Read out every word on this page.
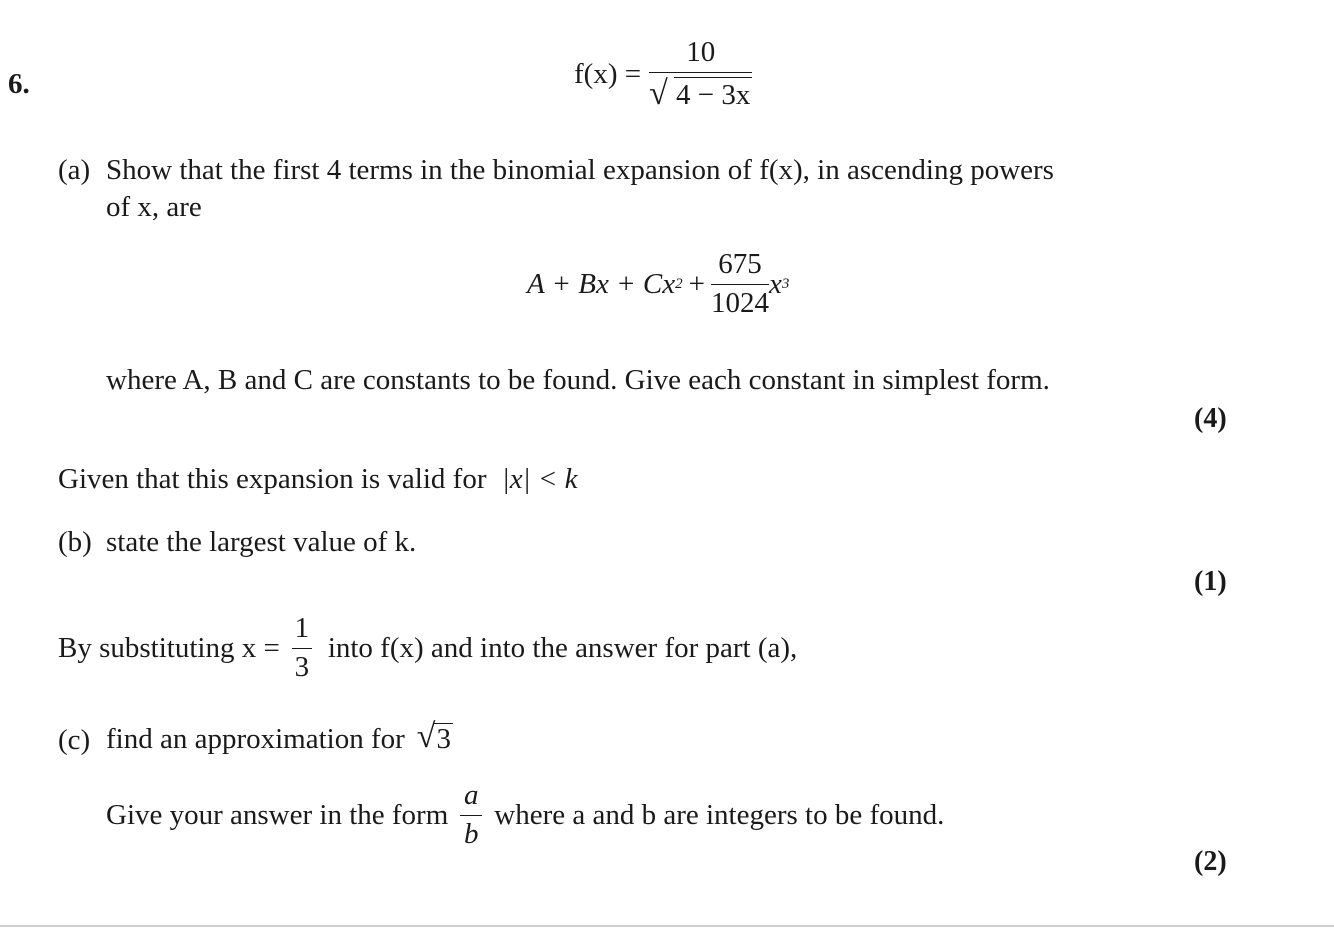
6.	$f(x) = \frac{10}{√ 4 - 3x}$
(a) Show that the first 4 terms in the binomial expansion of f(x), in ascending powers
of x, are
A + Bx + Cx $2 + \frac{675}{1024}$ x 3
where A, B and C are constants to be found. Give each constant in simplest form.
(4)
Given that this expansion is valid for |x| < k
(b) state the largest value of k.
(1)
By substituting $x = \frac{1}{3}$ into f(x) and into the answer for part (a),
(c) find an approximation for √ 3
Give your answer in the form $\frac{a}{b}$ where a and b are integers to be found.
(2)
